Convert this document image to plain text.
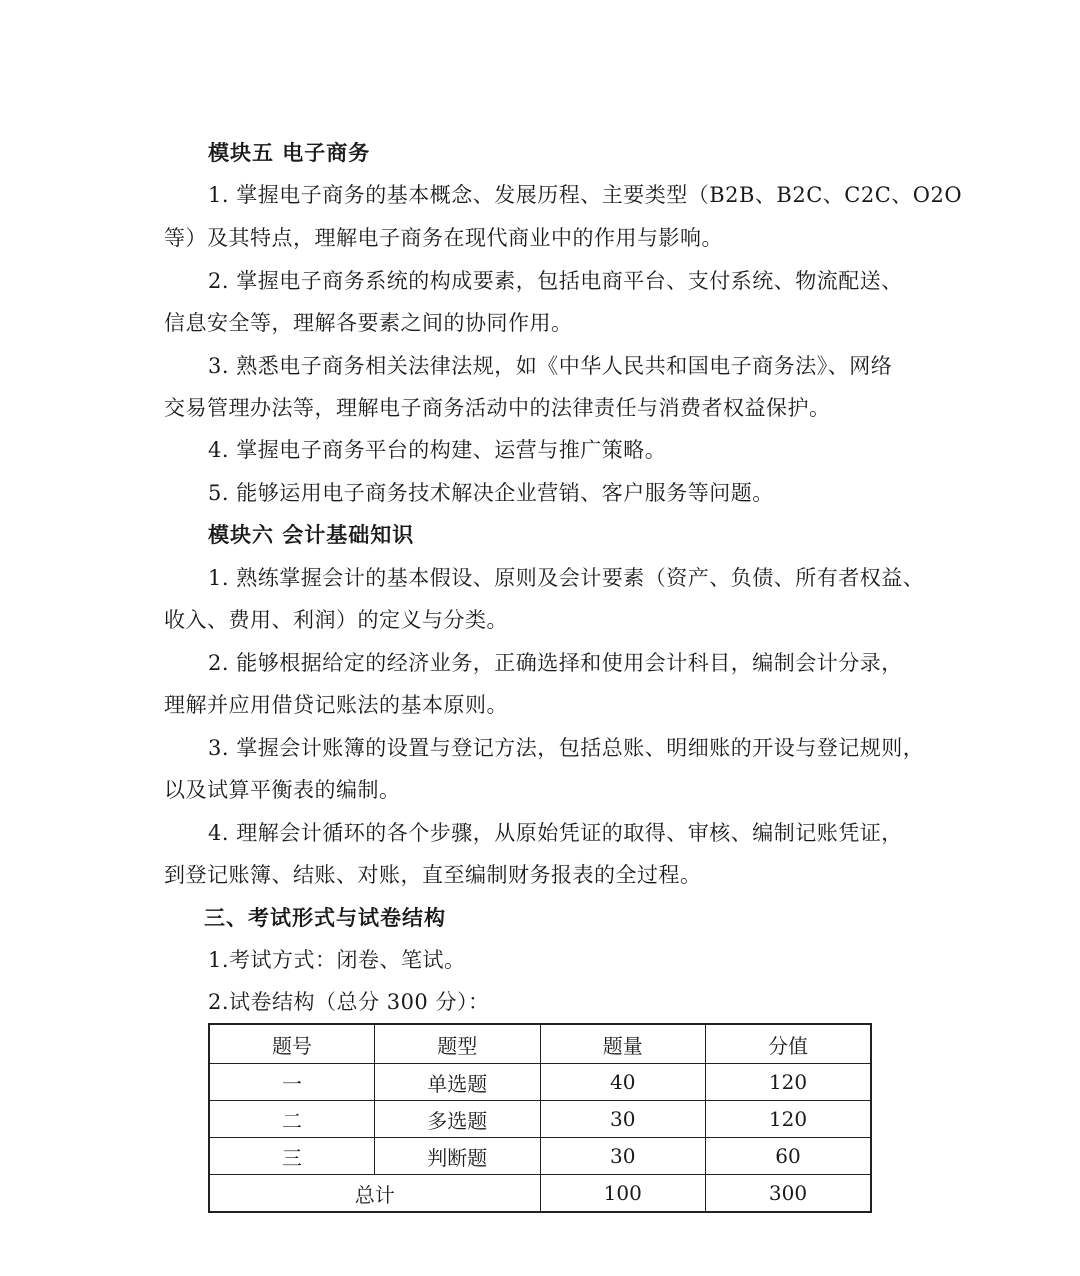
模块五 电子商务
1. 掌握电子商务的基本概念、发展历程、主要类型（B2B、B2C、C2C、O2O
等）及其特点，理解电子商务在现代商业中的作用与影响。
2. 掌握电子商务系统的构成要素，包括电商平台、支付系统、物流配送、
信息安全等，理解各要素之间的协同作用。
3. 熟悉电子商务相关法律法规，如《中华人民共和国电子商务法》、网络
交易管理办法等，理解电子商务活动中的法律责任与消费者权益保护。
4. 掌握电子商务平台的构建、运营与推广策略。
5. 能够运用电子商务技术解决企业营销、客户服务等问题。
模块六 会计基础知识
1. 熟练掌握会计的基本假设、原则及会计要素（资产、负债、所有者权益、
收入、费用、利润）的定义与分类。
2. 能够根据给定的经济业务，正确选择和使用会计科目，编制会计分录，
理解并应用借贷记账法的基本原则。
3. 掌握会计账簿的设置与登记方法，包括总账、明细账的开设与登记规则，
以及试算平衡表的编制。
4. 理解会计循环的各个步骤，从原始凭证的取得、审核、编制记账凭证，
到登记账簿、结账、对账，直至编制财务报表的全过程。
三、考试形式与试卷结构
1.考试方式：闭卷、笔试。
2.试卷结构（总分 300 分）：
题号	题型	题量	分值
一	单选题	40	120
二	多选题	30	120
三	判断题	30	60
总计		100	300
